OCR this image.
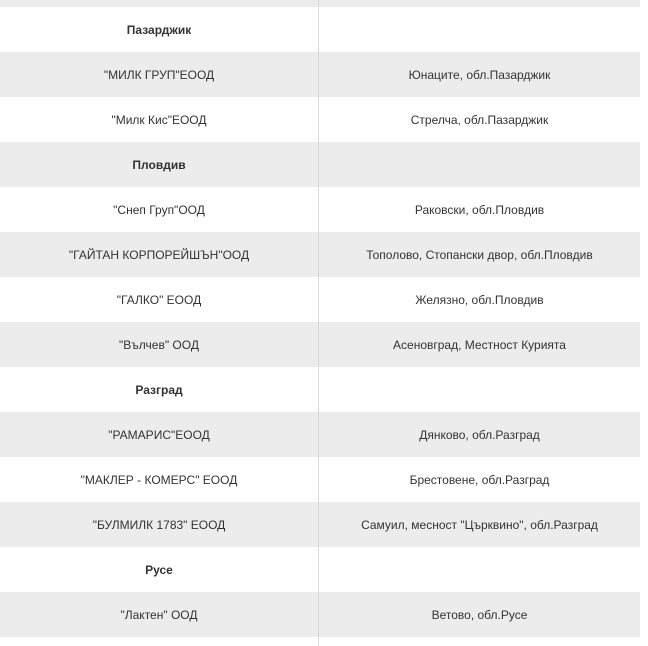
Пазарджик
"МИЛК ГРУП"ЕООД	Юнаците, обл.Пазарджик
"Милк Кис"ЕООД	Стрелча, обл.Пазарджик
Пловдив
"Снеп Груп"ООД	Раковски, обл.Пловдив
"ГАЙТАН КОРПОРЕЙШЪН"ООД	Тополово, Стопански двор, обл.Пловдив
"ГАЛКО" ЕООД	Желязно, обл.Пловдив
"Вълчев" ООД	Асеновград, Местност Курията
Разград
"РАМАРИС"ЕООД	Дянково, обл.Разград
"МАКЛЕР - КОМЕРС" ЕООД	Брестовене, обл.Разград
"БУЛМИЛК 1783" ЕООД	Самуил, месност "Църквино", обл.Разград
Русе
"Лактен" ООД	Ветово, обл.Русе
